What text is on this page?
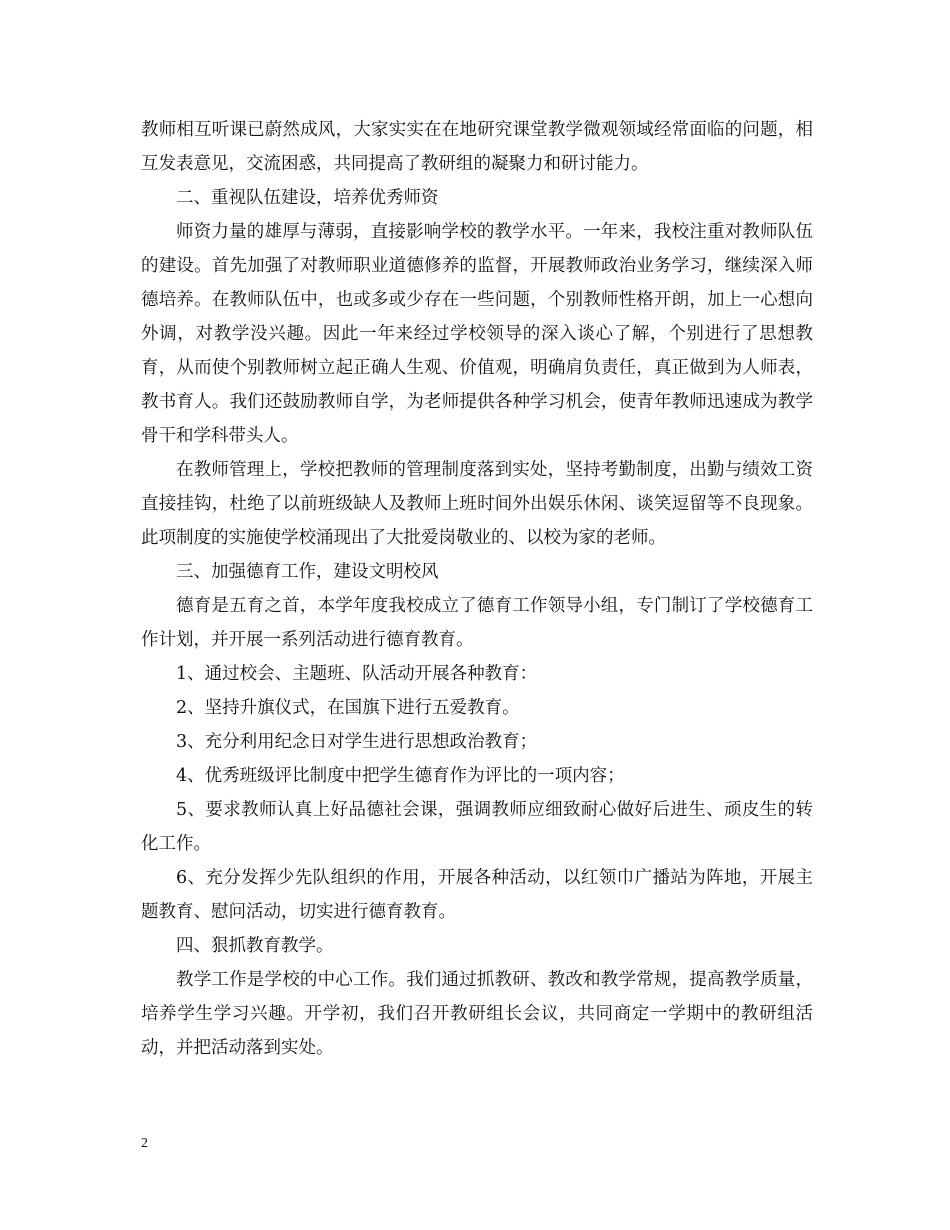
教师相互听课已蔚然成风，大家实实在在地研究课堂教学微观领域经常面临的问题，相互发表意见，交流困惑，共同提高了教研组的凝聚力和研讨能力。

二、重视队伍建设，培养优秀师资

师资力量的雄厚与薄弱，直接影响学校的教学水平。一年来，我校注重对教师队伍的建设。首先加强了对教师职业道德修养的监督，开展教师政治业务学习，继续深入师德培养。在教师队伍中，也或多或少存在一些问题，个别教师性格开朗，加上一心想向外调，对教学没兴趣。因此一年来经过学校领导的深入谈心了解，个别进行了思想教育，从而使个别教师树立起正确人生观、价值观，明确肩负责任，真正做到为人师表，教书育人。我们还鼓励教师自学，为老师提供各种学习机会，使青年教师迅速成为教学骨干和学科带头人。

在教师管理上，学校把教师的管理制度落到实处，坚持考勤制度，出勤与绩效工资直接挂钩，杜绝了以前班级缺人及教师上班时间外出娱乐休闲、谈笑逗留等不良现象。此项制度的实施使学校涌现出了大批爱岗敬业的、以校为家的老师。

三、加强德育工作，建设文明校风

德育是五育之首，本学年度我校成立了德育工作领导小组，专门制订了学校德育工作计划，并开展一系列活动进行德育教育。

1、通过校会、主题班、队活动开展各种教育：

2、坚持升旗仪式，在国旗下进行五爱教育。

3、充分利用纪念日对学生进行思想政治教育；

4、优秀班级评比制度中把学生德育作为评比的一项内容；

5、要求教师认真上好品德社会课，强调教师应细致耐心做好后进生、顽皮生的转化工作。

6、充分发挥少先队组织的作用，开展各种活动，以红领巾广播站为阵地，开展主题教育、慰问活动，切实进行德育教育。

四、狠抓教育教学。

教学工作是学校的中心工作。我们通过抓教研、教改和教学常规，提高教学质量，培养学生学习兴趣。开学初，我们召开教研组长会议，共同商定一学期中的教研组活动，并把活动落到实处。

2
